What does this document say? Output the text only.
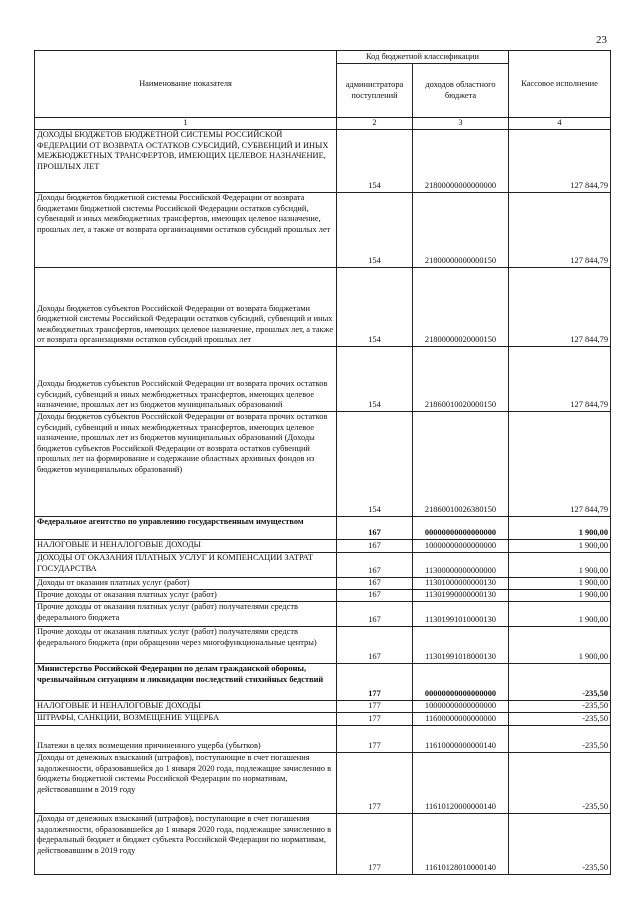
23
Наименование показателя	Код бюджетной классификации		Кассовое исполнение
	администратора поступлений	доходов областного бюджета	
1	2	3	4
ДОХОДЫ БЮДЖЕТОВ БЮДЖЕТНОЙ СИСТЕМЫ РОССИЙСКОЙ ФЕДЕРАЦИИ ОТ ВОЗВРАТА ОСТАТКОВ СУБСИДИЙ, СУБВЕНЦИЙ И ИНЫХ МЕЖБЮДЖЕТНЫХ ТРАНСФЕРТОВ, ИМЕЮЩИХ ЦЕЛЕВОЕ НАЗНАЧЕНИЕ, ПРОШЛЫХ ЛЕТ	154	21800000000000000	127 844,79
Доходы бюджетов бюджетной системы Российской Федерации от возврата бюджетами бюджетной системы Российской Федерации остатков субсидий, субвенций и иных межбюджетных трансфертов, имеющих целевое назначение, прошлых лет, а также от возврата организациями остатков субсидий прошлых лет	154	21800000000000150	127 844,79
Доходы бюджетов субъектов Российской Федерации от возврата бюджетами бюджетной системы Российской Федерации остатков субсидий, субвенций и иных межбюджетных трансфертов, имеющих целевое назначение, прошлых лет, а также от возврата организациями остатков субсидий прошлых лет	154	21800000020000150	127 844,79
Доходы бюджетов субъектов Российской Федерации от возврата прочих остатков субсидий, субвенций и иных межбюджетных трансфертов, имеющих целевое назначение, прошлых лет из бюджетов муниципальных образований	154	21860010020000150	127 844,79
Доходы бюджетов субъектов Российской Федерации от возврата прочих остатков субсидий, субвенций и иных межбюджетных трансфертов, имеющих целевое назначение, прошлых лет из бюджетов муниципальных образований (Доходы бюджетов субъектов Российской Федерации от возврата остатков субвенций прошлых лет на формирование и содержание областных архивных фондов из бюджетов муниципальных образований)	154	21860010026380150	127 844,79
Федеральное агентство по управлению государственным имуществом	167	00000000000000000	1 900,00
НАЛОГОВЫЕ И НЕНАЛОГОВЫЕ ДОХОДЫ	167	10000000000000000	1 900,00
ДОХОДЫ ОТ ОКАЗАНИЯ ПЛАТНЫХ УСЛУГ И КОМПЕНСАЦИИ ЗАТРАТ ГОСУДАРСТВА	167	11300000000000000	1 900,00
Доходы от оказания платных услуг (работ)	167	11301000000000130	1 900,00
Прочие доходы от оказания платных услуг (работ)	167	11301990000000130	1 900,00
Прочие доходы от оказания платных услуг (работ) получателями средств федерального бюджета	167	11301991010000130	1 900,00
Прочие доходы от оказания платных услуг (работ) получателями средств федерального бюджета (при обращении через многофункциональные центры)	167	11301991018000130	1 900,00
Министерство Российской Федерации по делам гражданской обороны, чрезвычайным ситуациям и ликвидации последствий стихийных бедствий	177	00000000000000000	-235,50
НАЛОГОВЫЕ И НЕНАЛОГОВЫЕ ДОХОДЫ	177	10000000000000000	-235,50
ШТРАФЫ, САНКЦИИ, ВОЗМЕЩЕНИЕ УЩЕРБА	177	11600000000000000	-235,50
Платежи в целях возмещения причиненного ущерба (убытков)	177	11610000000000140	-235,50
Доходы от денежных взысканий (штрафов), поступающие в счет погашения задолженности, образовавшейся до 1 января 2020 года, подлежащие зачислению в бюджеты бюджетной системы Российской Федерации по нормативам, действовавшим в 2019 году	177	11610120000000140	-235,50
Доходы от денежных взысканий (штрафов), поступающие в счет погашения задолженности, образовавшейся до 1 января 2020 года, подлежащие зачислению в федеральный бюджет и бюджет субъекта Российской Федерации по нормативам, действовавшим в 2019 году	177	11610128010000140	-235,50
